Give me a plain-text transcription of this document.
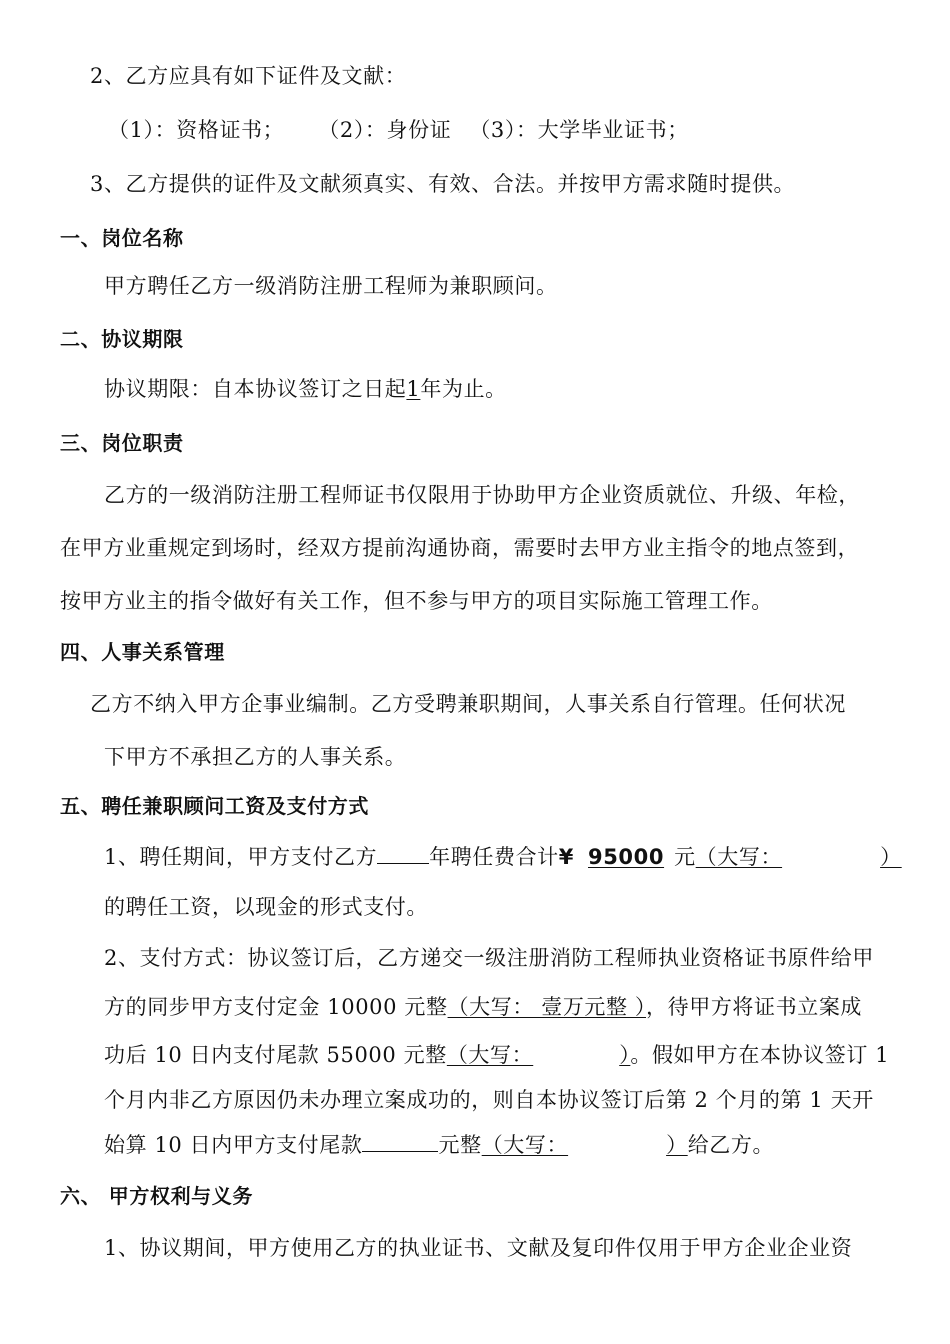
2、乙方应具有如下证件及文献：
（1）：资格证书； （2）：身份证 （3）：大学毕业证书；
3、乙方提供的证件及文献须真实、有效、合法。并按甲方需求随时提供。
一、岗位名称
甲方聘任乙方一级消防注册工程师为兼职顾问。
二、协议期限
协议期限：自本协议签订之日起1年为止。
三、岗位职责
乙方的一级消防注册工程师证书仅限用于协助甲方企业资质就位、升级、年检，
在甲方业重规定到场时，经双方提前沟通协商，需要时去甲方业主指令的地点签到，
按甲方业主的指令做好有关工作，但不参与甲方的项目实际施工管理工作。
四、人事关系管理
乙方不纳入甲方企事业编制。乙方受聘兼职期间，人事关系自行管理。任何状况
下甲方不承担乙方的人事关系。
五、聘任兼职顾问工资及支付方式
1、聘任期间，甲方支付乙方 年聘任费合计¥ 95000 元（大写：	）
的聘任工资，以现金的形式支付。
2、支付方式：协议签订后，乙方递交一级注册消防工程师执业资格证书原件给甲
方的同步甲方支付定金 10000 元整（大写： 壹万元整 ），待甲方将证书立案成
功后 10 日内支付尾款 55000 元整（大写：	）。假如甲方在本协议签订 1
个月内非乙方原因仍未办理立案成功的，则自本协议签订后第 2 个月的第 1 天开
始算 10 日内甲方支付尾款	元整（大写：	）给乙方。
六、 甲方权利与义务
1、协议期间，甲方使用乙方的执业证书、文献及复印件仅用于甲方企业企业资
